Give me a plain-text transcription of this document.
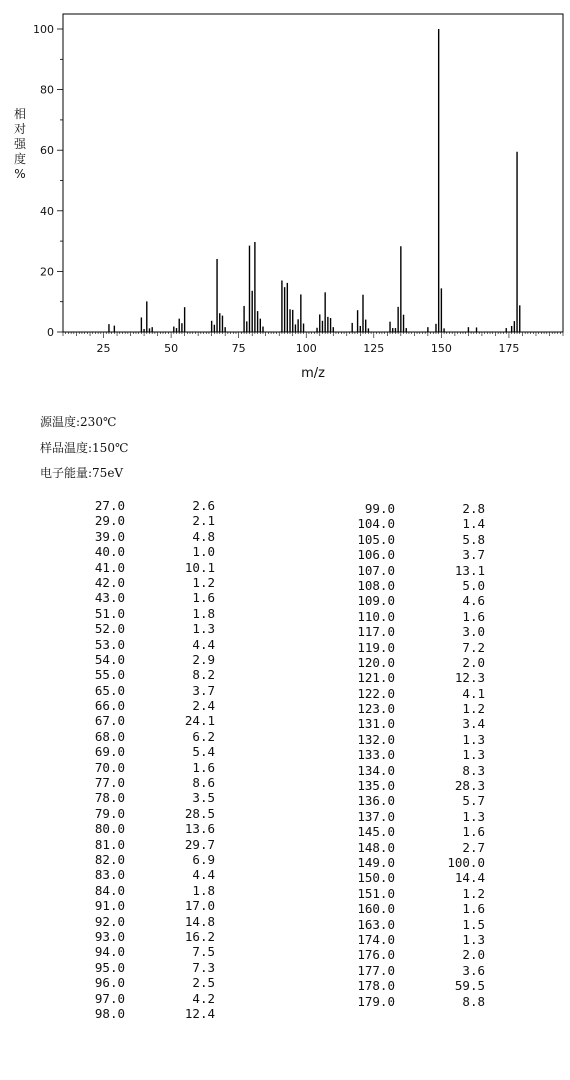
0
20
40
60
80
100
25	50	75	100	125	150	175
m/z
相
对
强
度
%
源温度:230℃
样品温度:150℃
电子能量:75eV
27.0	2.6
29.0	2.1
39.0	4.8
40.0	1.0
41.0	10.1
42.0	1.2
43.0	1.6
51.0	1.8
52.0	1.3
53.0	4.4
54.0	2.9
55.0	8.2
65.0	3.7
66.0	2.4
67.0	24.1
68.0	6.2
69.0	5.4
70.0	1.6
77.0	8.6
78.0	3.5
79.0	28.5
80.0	13.6
81.0	29.7
82.0	6.9
83.0	4.4
84.0	1.8
91.0	17.0
92.0	14.8
93.0	16.2
94.0	7.5
95.0	7.3
96.0	2.5
97.0	4.2
98.0	12.4
99.0	2.8
104.0	1.4
105.0	5.8
106.0	3.7
107.0	13.1
108.0	5.0
109.0	4.6
110.0	1.6
117.0	3.0
119.0	7.2
120.0	2.0
121.0	12.3
122.0	4.1
123.0	1.2
131.0	3.4
132.0	1.3
133.0	1.3
134.0	8.3
135.0	28.3
136.0	5.7
137.0	1.3
145.0	1.6
148.0	2.7
149.0	100.0
150.0	14.4
151.0	1.2
160.0	1.6
163.0	1.5
174.0	1.3
176.0	2.0
177.0	3.6
178.0	59.5
179.0	8.8
